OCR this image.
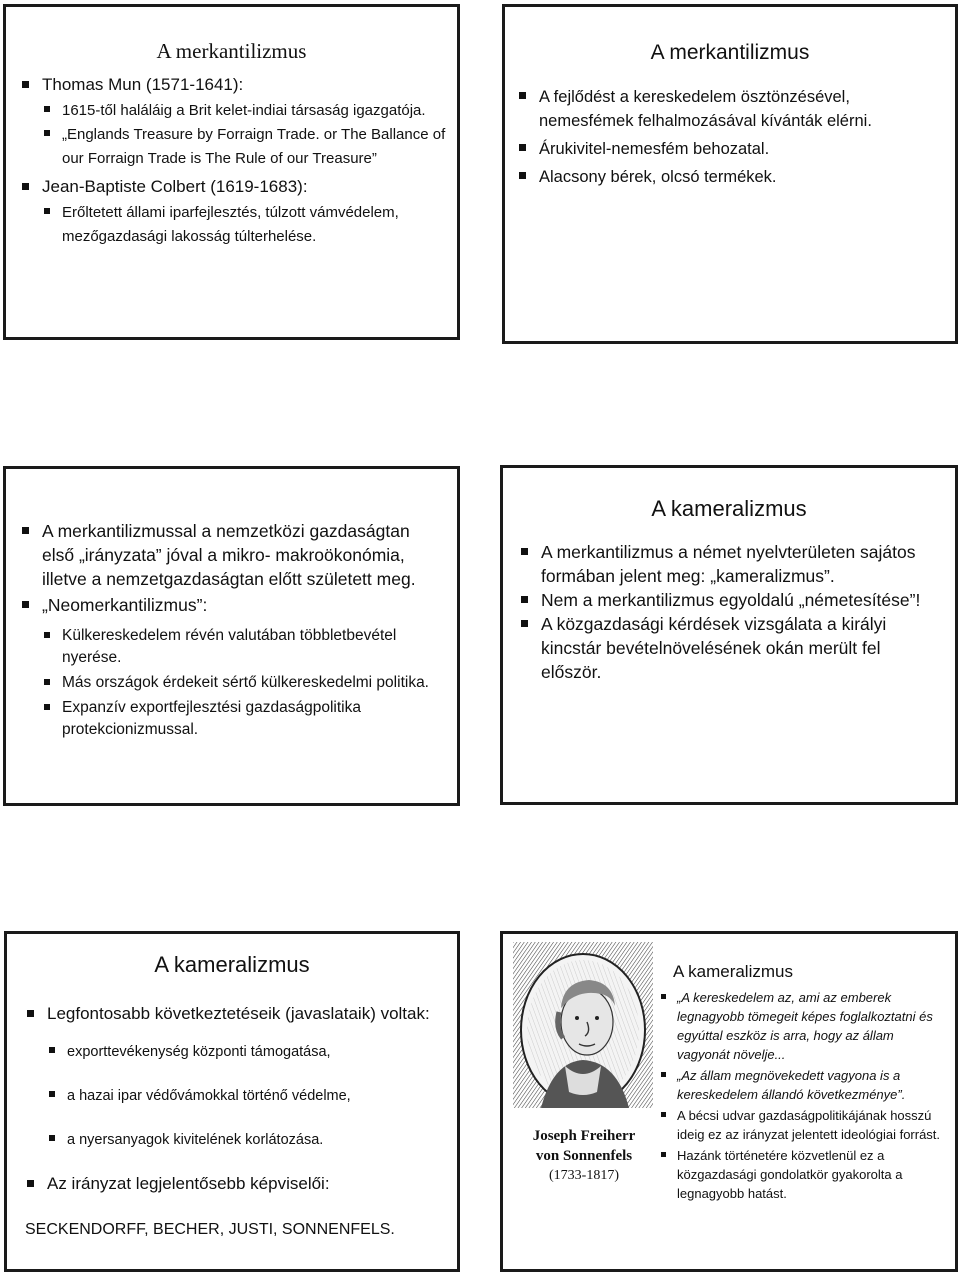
A merkantilizmus
Thomas Mun (1571-1641):
1615-től haláláig a Brit kelet-indiai társaság igazgatója.
„Englands Treasure by Forraign Trade. or The Ballance of our Forraign Trade is The Rule of our Treasure”
Jean-Baptiste Colbert (1619-1683):
Erőltetett állami iparfejlesztés, túlzott vámvédelem, mezőgazdasági lakosság túlterhelése.
A merkantilizmus
A fejlődést a kereskedelem ösztönzésével, nemesfémek felhalmozásával kívánták elérni.
Árukivitel-nemesfém behozatal.
Alacsony bérek, olcsó termékek.
A merkantilizmussal a nemzetközi gazdaságtan első „irányzata” jóval a mikro- makroökonómia, illetve a nemzetgazdaságtan előtt született meg.
„Neomerkantilizmus”:
Külkereskedelem révén valutában többletbevétel nyerése.
Más országok érdekeit sértő külkereskedelmi politika.
Expanzív exportfejlesztési gazdaságpolitika protekcionizmussal.
A kameralizmus
A merkantilizmus a német nyelvterületen sajátos formában jelent meg: „kameralizmus”.
Nem a merkantilizmus egyoldalú „németesítése”!
A közgazdasági kérdések vizsgálata a királyi kincstár bevételnövelésének okán merült fel először.
A kameralizmus
Legfontosabb következtetéseik (javaslataik) voltak:
exporttevékenység központi támogatása,
a hazai ipar védővámokkal történő védelme,
a nyersanyagok kivitelének korlátozása.
Az irányzat legjelentősebb képviselői:
SECKENDORFF, BECHER, JUSTI, SONNENFELS.
Joseph Freiherr
von Sonnenfels
(1733-1817)
A kameralizmus
„A kereskedelem az, ami az emberek legnagyobb tömegeit képes foglalkoztatni és egyúttal eszköz is arra, hogy az állam vagyonát növelje...
„Az állam megnövekedett vagyona is a kereskedelem állandó következménye”.
A bécsi udvar gazdaságpolitikájának hosszú ideig ez az irányzat jelentett ideológiai forrást.
Hazánk történetére közvetlenül ez a közgazdasági gondolatkör gyakorolta a legnagyobb hatást.
